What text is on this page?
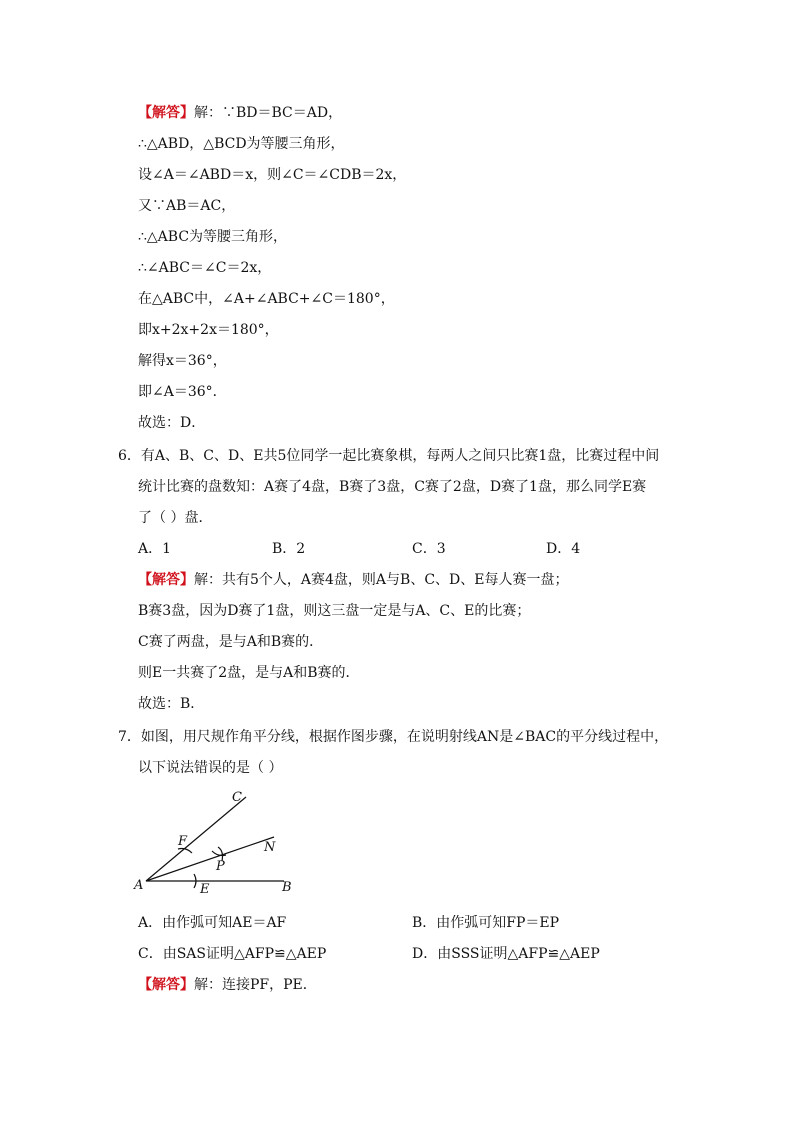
【解答】解：∵BD＝BC＝AD，
∴△ABD，△BCD为等腰三角形，
设∠A＝∠ABD＝x，则∠C＝∠CDB＝2x，
又∵AB＝AC，
∴△ABC为等腰三角形，
∴∠ABC＝∠C＝2x，
在△ABC中，∠A+∠ABC+∠C＝180°，
即x+2x+2x＝180°，
解得x＝36°，
即∠A＝36°．
故选：D．
6．有A、B、C、D、E共5位同学一起比赛象棋，每两人之间只比赛1盘，比赛过程中间
统计比赛的盘数知：A赛了4盘，B赛了3盘，C赛了2盘，D赛了1盘，那么同学E赛
了（ ）盘．
A．1	B．2	C．3	D．4
【解答】解：共有5个人，A赛4盘，则A与B、C、D、E每人赛一盘；
B赛3盘，因为D赛了1盘，则这三盘一定是与A、C、E的比赛；
C赛了两盘，是与A和B赛的．
则E一共赛了2盘，是与A和B赛的．
故选：B．
7．如图，用尺规作角平分线，根据作图步骤，在说明射线AN是∠BAC的平分线过程中，
以下说法错误的是（ ）
A	B
C
E
F	N
P
A．由作弧可知AE＝AF	B．由作弧可知FP＝EP
C．由SAS证明△AFP≌△AEP	D．由SSS证明△AFP≌△AEP
【解答】解：连接PF，PE．
